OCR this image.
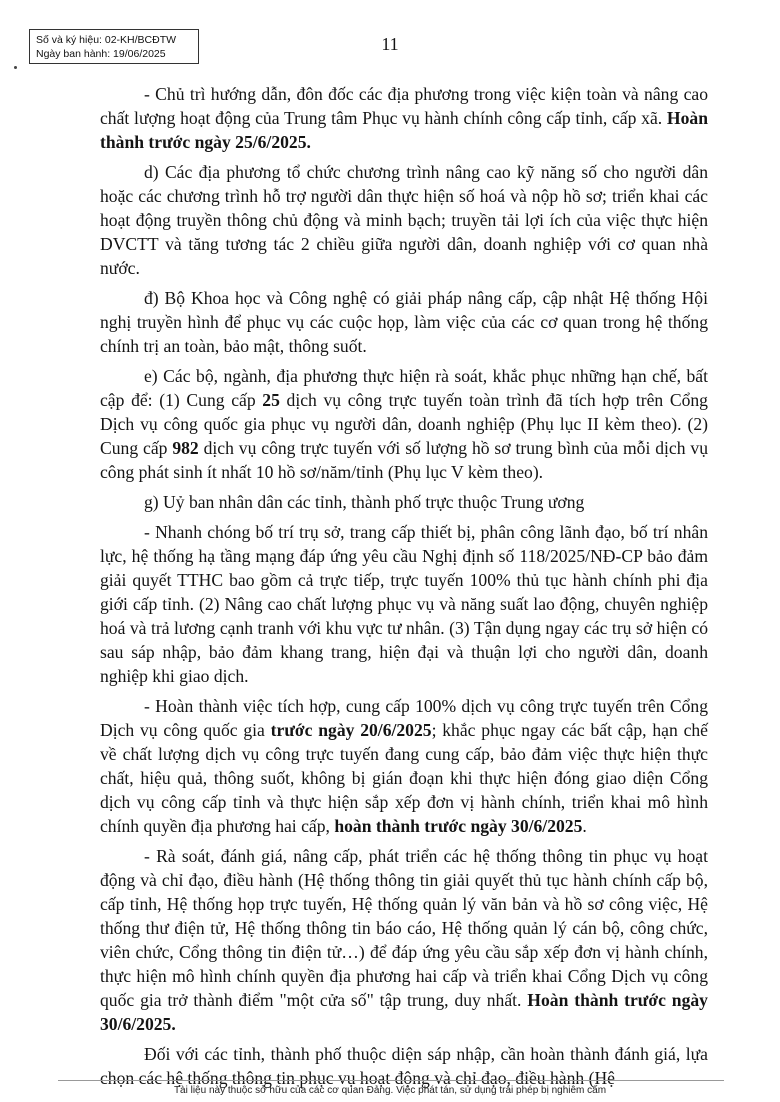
Số và ký hiệu: 02-KH/BCĐTW
Ngày ban hành: 19/06/2025	11

- Chủ trì hướng dẫn, đôn đốc các địa phương trong việc kiện toàn và nâng cao chất lượng hoạt động của Trung tâm Phục vụ hành chính công cấp tỉnh, cấp xã. Hoàn thành trước ngày 25/6/2025.

d) Các địa phương tổ chức chương trình nâng cao kỹ năng số cho người dân hoặc các chương trình hỗ trợ người dân thực hiện số hoá và nộp hồ sơ; triển khai các hoạt động truyền thông chủ động và minh bạch; truyền tải lợi ích của việc thực hiện DVCTT và tăng tương tác 2 chiều giữa người dân, doanh nghiệp với cơ quan nhà nước.

đ) Bộ Khoa học và Công nghệ có giải pháp nâng cấp, cập nhật Hệ thống Hội nghị truyền hình để phục vụ các cuộc họp, làm việc của các cơ quan trong hệ thống chính trị an toàn, bảo mật, thông suốt.

e) Các bộ, ngành, địa phương thực hiện rà soát, khắc phục những hạn chế, bất cập để: (1) Cung cấp 25 dịch vụ công trực tuyến toàn trình đã tích hợp trên Cổng Dịch vụ công quốc gia phục vụ người dân, doanh nghiệp (Phụ lục II kèm theo). (2) Cung cấp 982 dịch vụ công trực tuyến với số lượng hồ sơ trung bình của mỗi dịch vụ công phát sinh ít nhất 10 hồ sơ/năm/tỉnh (Phụ lục V kèm theo).

g) Uỷ ban nhân dân các tỉnh, thành phố trực thuộc Trung ương

- Nhanh chóng bố trí trụ sở, trang cấp thiết bị, phân công lãnh đạo, bố trí nhân lực, hệ thống hạ tầng mạng đáp ứng yêu cầu Nghị định số 118/2025/NĐ-CP bảo đảm giải quyết TTHC bao gồm cả trực tiếp, trực tuyến 100% thủ tục hành chính phi địa giới cấp tỉnh. (2) Nâng cao chất lượng phục vụ và năng suất lao động, chuyên nghiệp hoá và trả lương cạnh tranh với khu vực tư nhân. (3) Tận dụng ngay các trụ sở hiện có sau sáp nhập, bảo đảm khang trang, hiện đại và thuận lợi cho người dân, doanh nghiệp khi giao dịch.

- Hoàn thành việc tích hợp, cung cấp 100% dịch vụ công trực tuyến trên Cổng Dịch vụ công quốc gia trước ngày 20/6/2025; khắc phục ngay các bất cập, hạn chế về chất lượng dịch vụ công trực tuyến đang cung cấp, bảo đảm việc thực hiện thực chất, hiệu quả, thông suốt, không bị gián đoạn khi thực hiện đóng giao diện Cổng dịch vụ công cấp tỉnh và thực hiện sắp xếp đơn vị hành chính, triển khai mô hình chính quyền địa phương hai cấp, hoàn thành trước ngày 30/6/2025.

- Rà soát, đánh giá, nâng cấp, phát triển các hệ thống thông tin phục vụ hoạt động và chỉ đạo, điều hành (Hệ thống thông tin giải quyết thủ tục hành chính cấp bộ, cấp tỉnh, Hệ thống họp trực tuyến, Hệ thống quản lý văn bản và hồ sơ công việc, Hệ thống thư điện tử, Hệ thống thông tin báo cáo, Hệ thống quản lý cán bộ, công chức, viên chức, Cổng thông tin điện tử…) để đáp ứng yêu cầu sắp xếp đơn vị hành chính, thực hiện mô hình chính quyền địa phương hai cấp và triển khai Cổng Dịch vụ công quốc gia trở thành điểm "một cửa số" tập trung, duy nhất. Hoàn thành trước ngày 30/6/2025.

Đối với các tỉnh, thành phố thuộc diện sáp nhập, cần hoàn thành đánh giá, lựa chọn các hệ thống thông tin phục vụ hoạt động và chỉ đạo, điều hành (Hệ

Tài liệu này thuộc sở hữu của các cơ quan Đảng. Việc phát tán, sử dụng trái phép bị nghiêm cấm
